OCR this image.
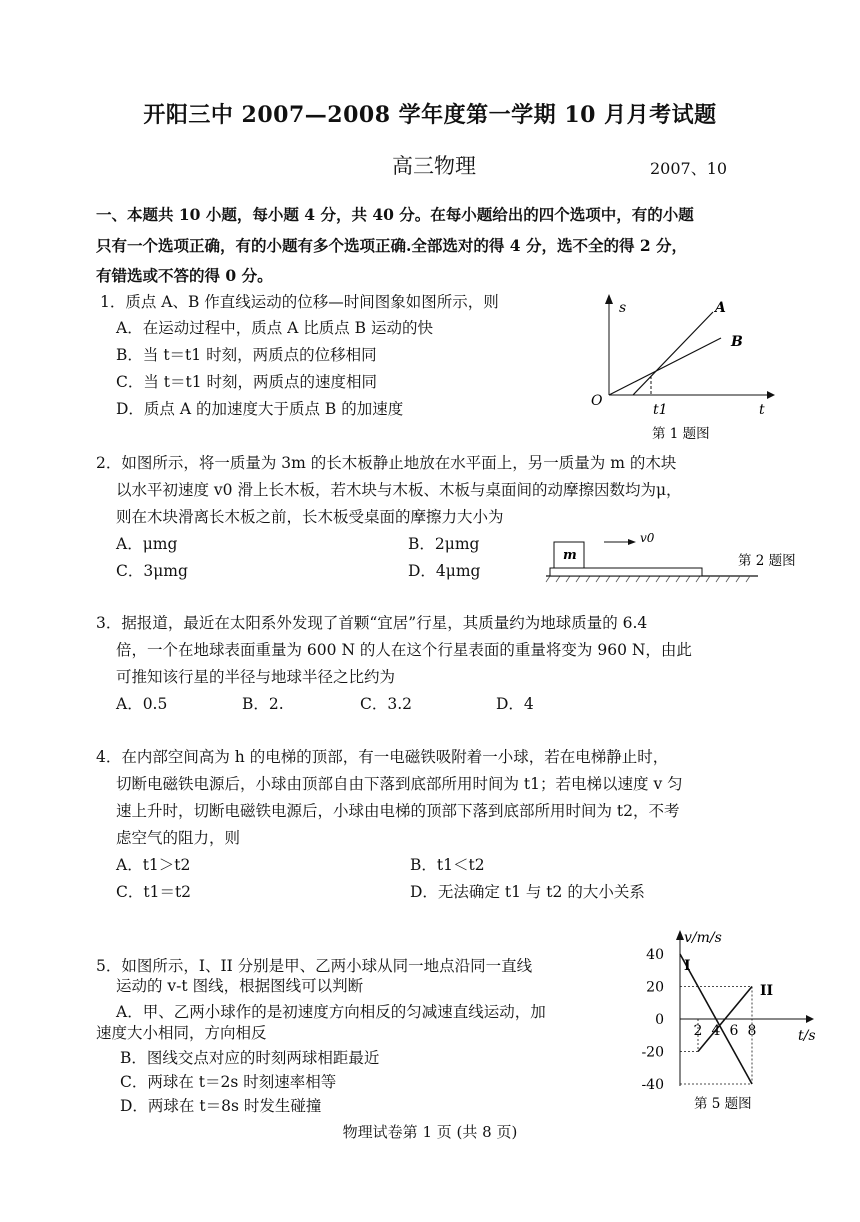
开阳三中 2007—2008 学年度第一学期 10 月月考试题
高三物理	2007、10
一、本题共 10 小题，每小题 4 分，共 40 分。在每小题给出的四个选项中，有的小题
只有一个选项正确，有的小题有多个选项正确.全部选对的得 4 分，选不全的得 2 分，
有错选或不答的得 0 分。
1．质点 A、B 作直线运动的位移—时间图象如图所示，则
A．在运动过程中，质点 A 比质点 B 运动的快
B．当 t＝t1 时刻，两质点的位移相同
C．当 t＝t1 时刻，两质点的速度相同
D．质点 A 的加速度大于质点 B 的加速度
s
t
O
t1
A
B
第 1 题图
2．如图所示，将一质量为 3m 的长木板静止地放在水平面上，另一质量为 m 的木块
以水平初速度 v0 滑上长木板，若木块与木板、木板与桌面间的动摩擦因数均为μ，
则在木块滑离长木板之前，长木板受桌面的摩擦力大小为
A．μmg	B．2μmg
C．3μmg	D．4μmg
m
v0
第 2 题图
3．据报道，最近在太阳系外发现了首颗“宜居”行星，其质量约为地球质量的 6.4
倍，一个在地球表面重量为 600 N 的人在这个行星表面的重量将变为 960 N，由此
可推知该行星的半径与地球半径之比约为
A．0.5	B．2.	C．3.2	D．4
4．在内部空间高为 h 的电梯的顶部，有一电磁铁吸附着一小球，若在电梯静止时，
切断电磁铁电源后，小球由顶部自由下落到底部所用时间为 t1；若电梯以速度 v 匀
速上升时，切断电磁铁电源后，小球由电梯的顶部下落到底部所用时间为 t2，不考
虑空气的阻力，则
A．t1＞t2	B．t1＜t2
C．t1＝t2	D．无法确定 t1 与 t2 的大小关系
5．如图所示，I、II 分别是甲、乙两小球从同一地点沿同一直线
运动的 v-t 图线，根据图线可以判断
A．甲、乙两小球作的是初速度方向相反的匀减速直线运动，加
速度大小相同，方向相反
B．图线交点对应的时刻两球相距最近
C．两球在 t＝2s 时刻速率相等
D．两球在 t＝8s 时发生碰撞
v/m/s
t/s
40
20
0
-20
-40
2 4 6 8
I
II
第 5 题图
物理试卷第 1 页 (共 8 页)
